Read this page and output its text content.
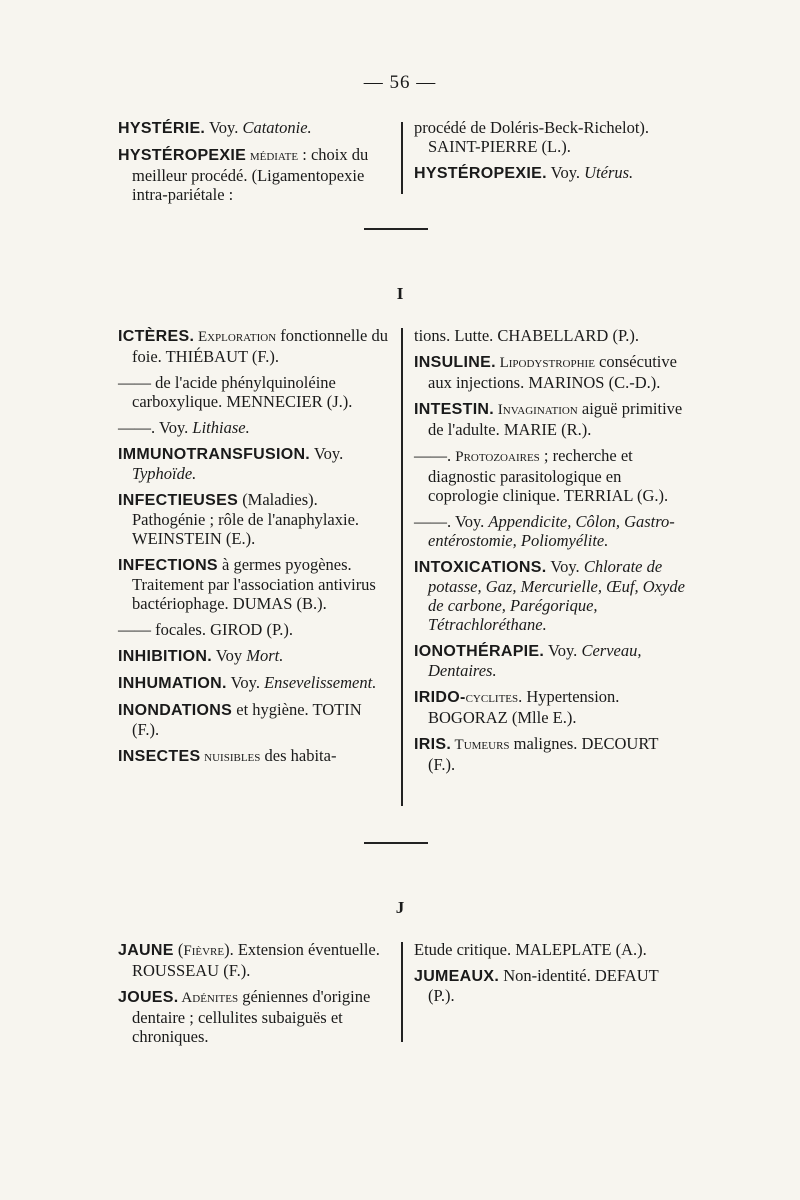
— 56 —

HYSTÉRIE. Voy. Catatonie.

HYSTÉROPEXIE médiate : choix du meilleur procédé. (Ligamentopexie intra-pariétale :

procédé de Doléris-Beck-Richelot). SAINT-PIERRE (L.).

HYSTÉROPEXIE. Voy. Utérus.

I

ICTÈRES. Exploration fonctionnelle du foie. THIÉBAUT (F.).

—— de l'acide phénylquinoléine carboxylique. MENNECIER (J.).

——. Voy. Lithiase.

IMMUNOTRANSFUSION. Voy. Typhoïde.

INFECTIEUSES (Maladies). Pathogénie ; rôle de l'anaphylaxie. WEINSTEIN (E.).

INFECTIONS à germes pyogènes. Traitement par l'association antivirus bactériophage. DUMAS (B.).

—— focales. GIROD (P.).

INHIBITION. Voy Mort.

INHUMATION. Voy. Ensevelissement.

INONDATIONS et hygiène. TOTIN (F.).

INSECTES nuisibles des habita-

tions. Lutte. CHABELLARD (P.).

INSULINE. Lipodystrophie consécutive aux injections. MARINOS (C.-D.).

INTESTIN. Invagination aiguë primitive de l'adulte. MARIE (R.).

——. Protozoaires ; recherche et diagnostic parasitologique en coprologie clinique. TERRIAL (G.).

——. Voy. Appendicite, Côlon, Gastro-entérostomie, Poliomyélite.

INTOXICATIONS. Voy. Chlorate de potasse, Gaz, Mercurielle, Œuf, Oxyde de carbone, Parégorique, Tétrachloréthane.

IONOTHÉRAPIE. Voy. Cerveau, Dentaires.

IRIDO-cyclites. Hypertension. BOGORAZ (Mlle E.).

IRIS. Tumeurs malignes. DECOURT (F.).

J

JAUNE (Fièvre). Extension éventuelle. ROUSSEAU (F.).

JOUES. Adénites géniennes d'origine dentaire ; cellulites subaiguës et chroniques.

Etude critique. MALEPLATE (A.).

JUMEAUX. Non-identité. DEFAUT (P.).
